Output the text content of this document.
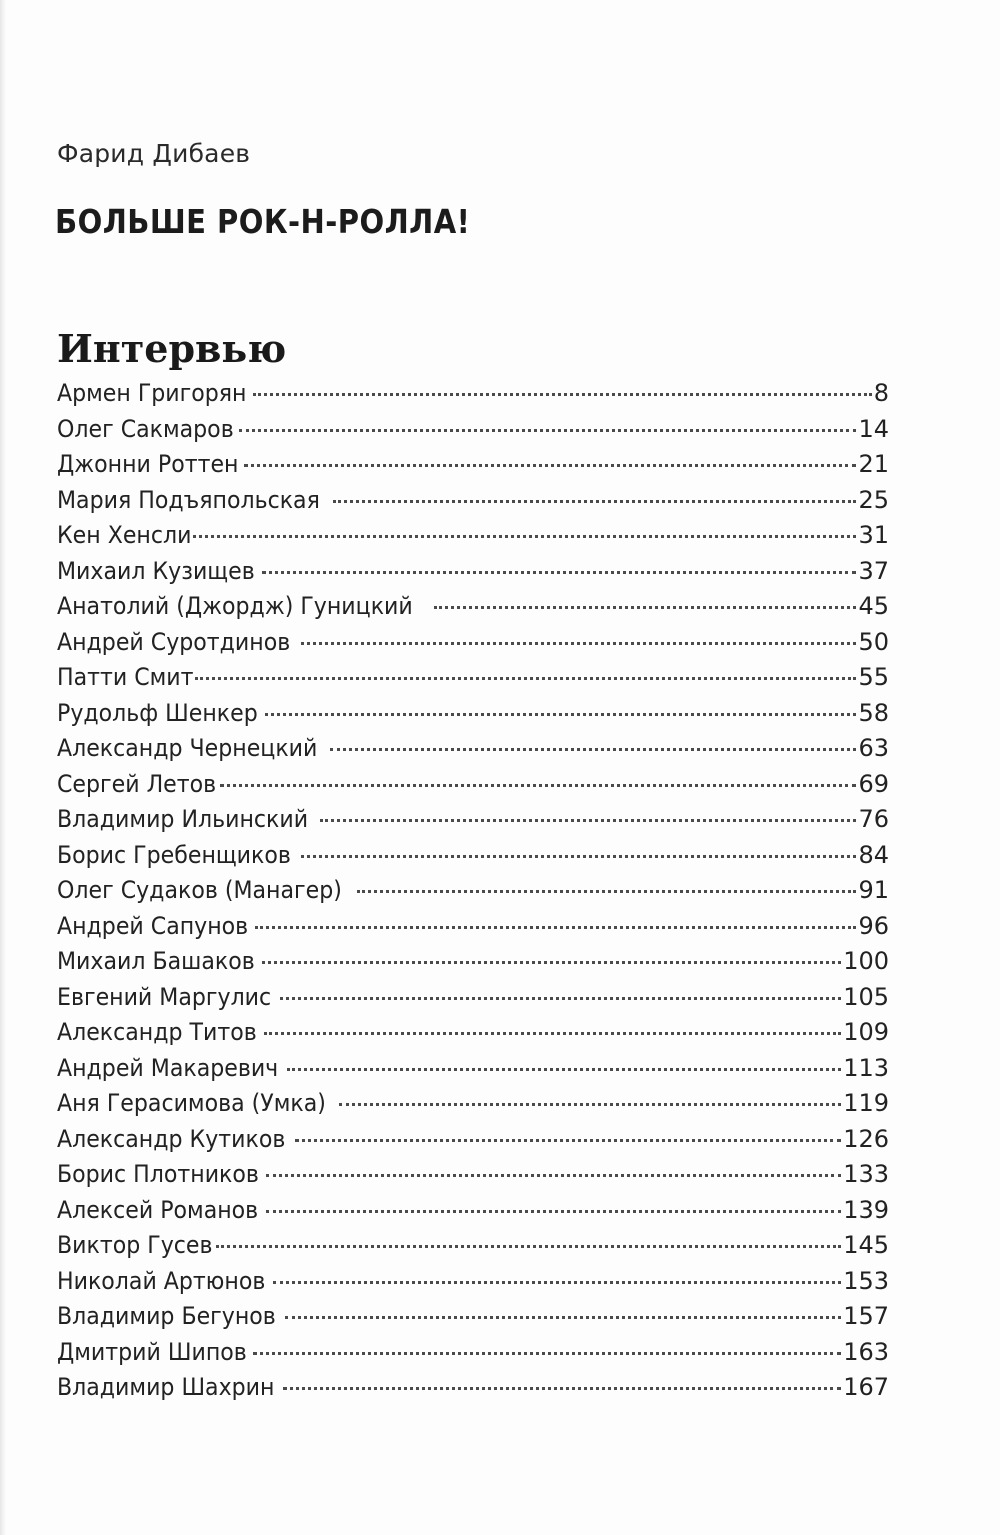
Фарид Дибаев
БОЛЬШЕ РОК-Н-РОЛЛА!
Интервью
Армен Григорян	8
Олег Сакмаров	14
Джонни Роттен	21
Мария Подъяпольская	25
Кен Хенсли	31
Михаил Кузищев	37
Анатолий (Джордж) Гуницкий	45
Андрей Суротдинов	50
Патти Смит	55
Рудольф Шенкер	58
Александр Чернецкий	63
Сергей Летов	69
Владимир Ильинский	76
Борис Гребенщиков	84
Олег Судаков (Манагер)	91
Андрей Сапунов	96
Михаил Башаков	100
Евгений Маргулис	105
Александр Титов	109
Андрей Макаревич	113
Аня Герасимова (Умка)	119
Александр Кутиков	126
Борис Плотников	133
Алексей Романов	139
Виктор Гусев	145
Николай Артюнов	153
Владимир Бегунов	157
Дмитрий Шипов	163
Владимир Шахрин	167
